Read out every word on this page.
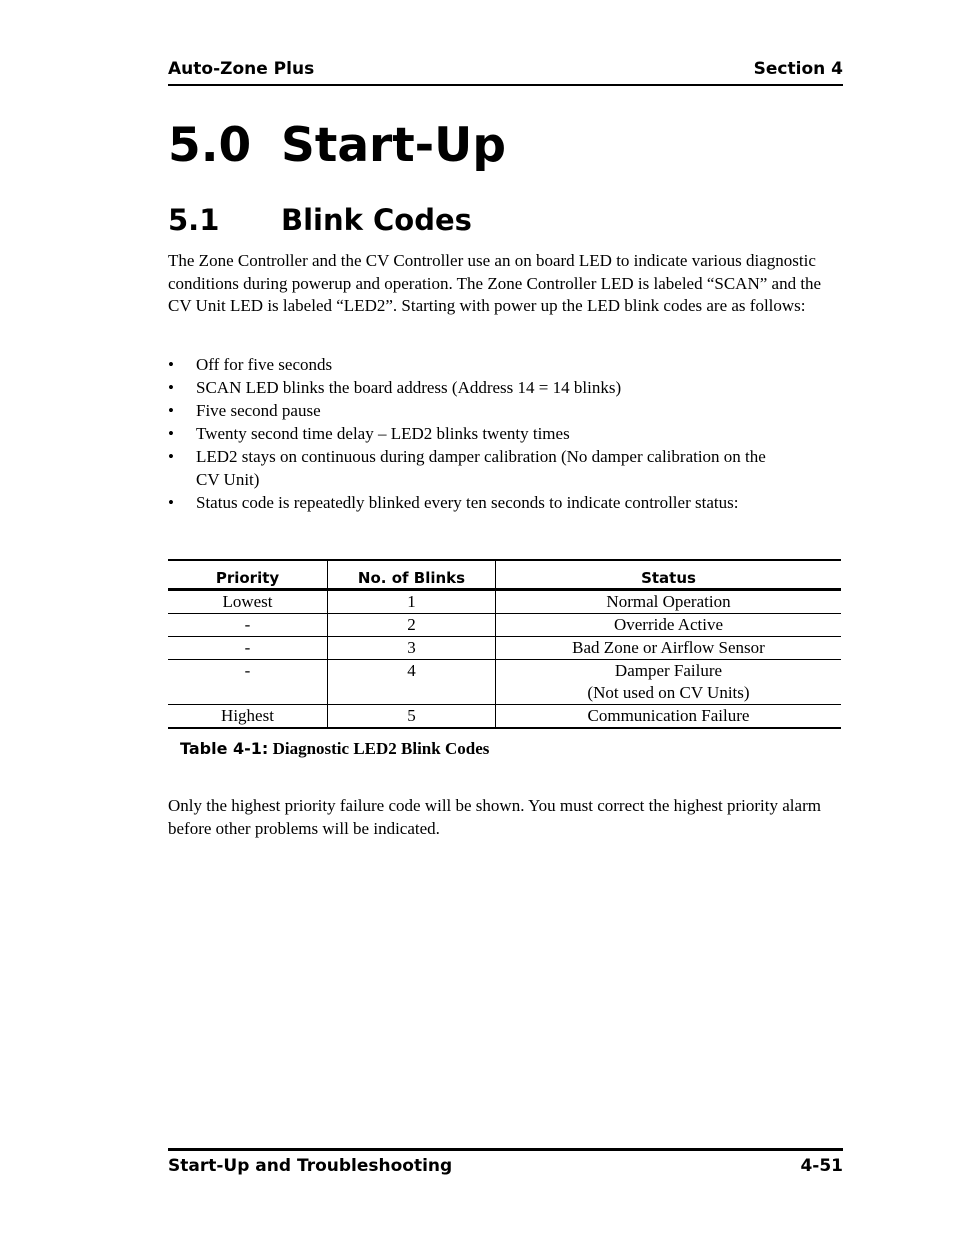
Auto-Zone Plus	Section 4
5.0 Start-Up
5.1 Blink Codes

The Zone Controller and the CV Controller use an on board LED to indicate various diagnostic conditions during powerup and operation. The Zone Controller LED is labeled “SCAN” and the CV Unit LED is labeled “LED2”. Starting with power up the LED blink codes are as follows:

•	Off for five seconds
•	SCAN LED blinks the board address (Address 14 = 14 blinks)
•	Five second pause
•	Twenty second time delay – LED2 blinks twenty times
•	LED2 stays on continuous during damper calibration (No damper calibration on the CV Unit)
•	Status code is repeatedly blinked every ten seconds to indicate controller status:
Priority	No. of Blinks	Status
Lowest	1	Normal Operation
-	2	Override Active
-	3	Bad Zone or Airflow Sensor
-	4	Damper Failure
(Not used on CV Units)
Highest	5	Communication Failure
Table 4-1: Diagnostic LED2 Blink Codes

Only the highest priority failure code will be shown. You must correct the highest priority alarm before other problems will be indicated.

Start-Up and Troubleshooting	4-51
